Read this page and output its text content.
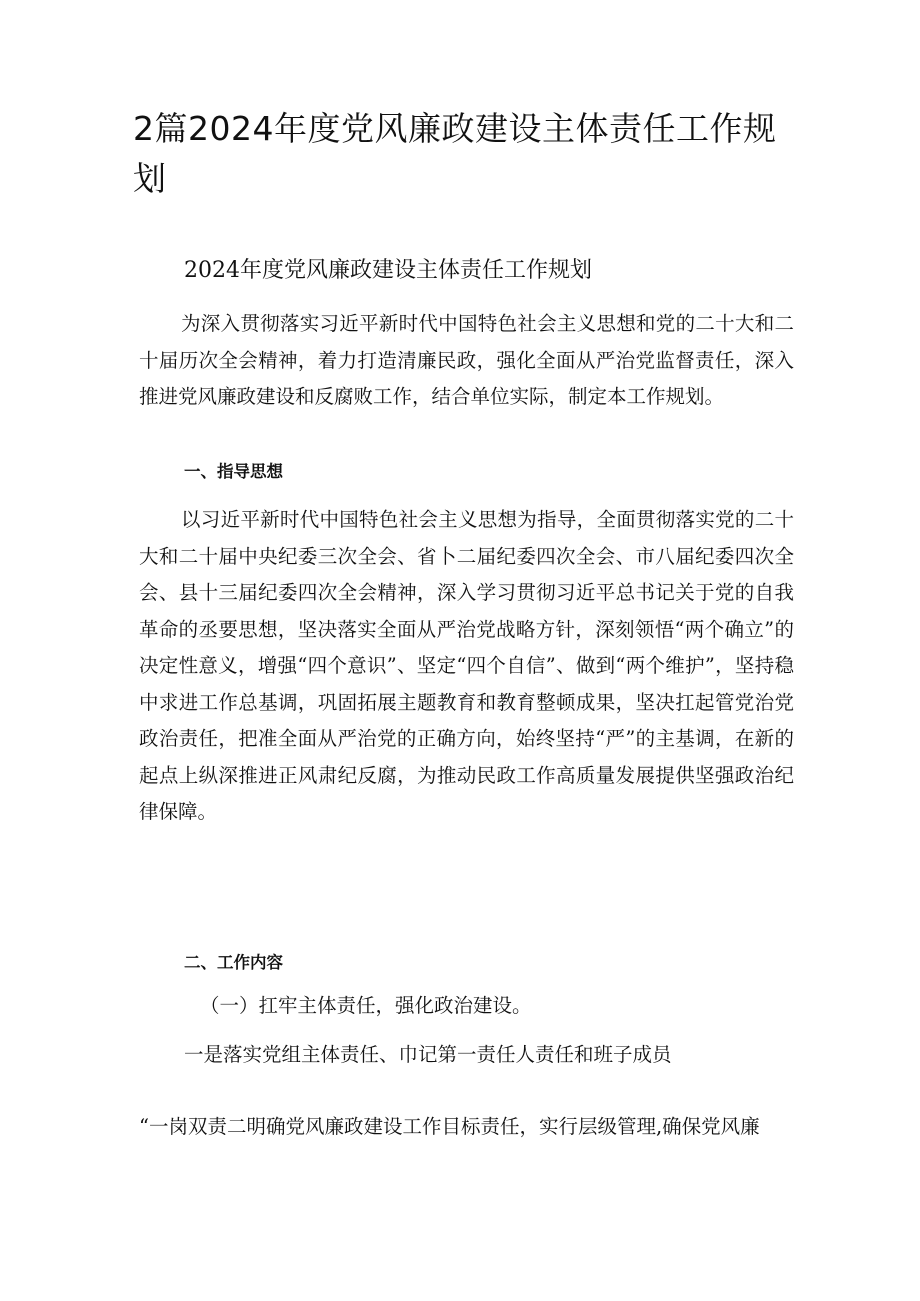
2篇2024年度党风廉政建设主体责任工作规划
2024年度党风廉政建设主体责任工作规划

为深入贯彻落实习近平新时代中国特色社会主义思想和党的二十大和二十届历次全会精神，着力打造清廉民政，强化全面从严治党监督责任，深入推进党风廉政建设和反腐败工作，结合单位实际，制定本工作规划。

一、指导思想

以习近平新时代中国特色社会主义思想为指导，全面贯彻落实党的二十大和二十届中央纪委三次全会、省卜二届纪委四次全会、市八届纪委四次全会、县十三届纪委四次全会精神，深入学习贯彻习近平总书记关于党的自我革命的丞要思想，坚决落实全面从严治党战略方针，深刻领悟“两个确立”的决定性意义，增强“四个意识”、坚定“四个自信”、做到“两个维护”，坚持稳中求进工作总基调，巩固拓展主题教育和教育整顿成果，坚决扛起管党治党政治责任，把准全面从严治党的正确方向，始终坚持“严”的主基调，在新的起点上纵深推进正风肃纪反腐，为推动民政工作高质量发展提供坚强政治纪律保障。

二、工作内容

（一）扛牢主体责任，强化政治建设。

一是落实党组主体责任、巾记第一责任人责任和班子成员

“一岗双责二明确党风廉政建设工作目标责任，实行层级管理,确保党风廉
